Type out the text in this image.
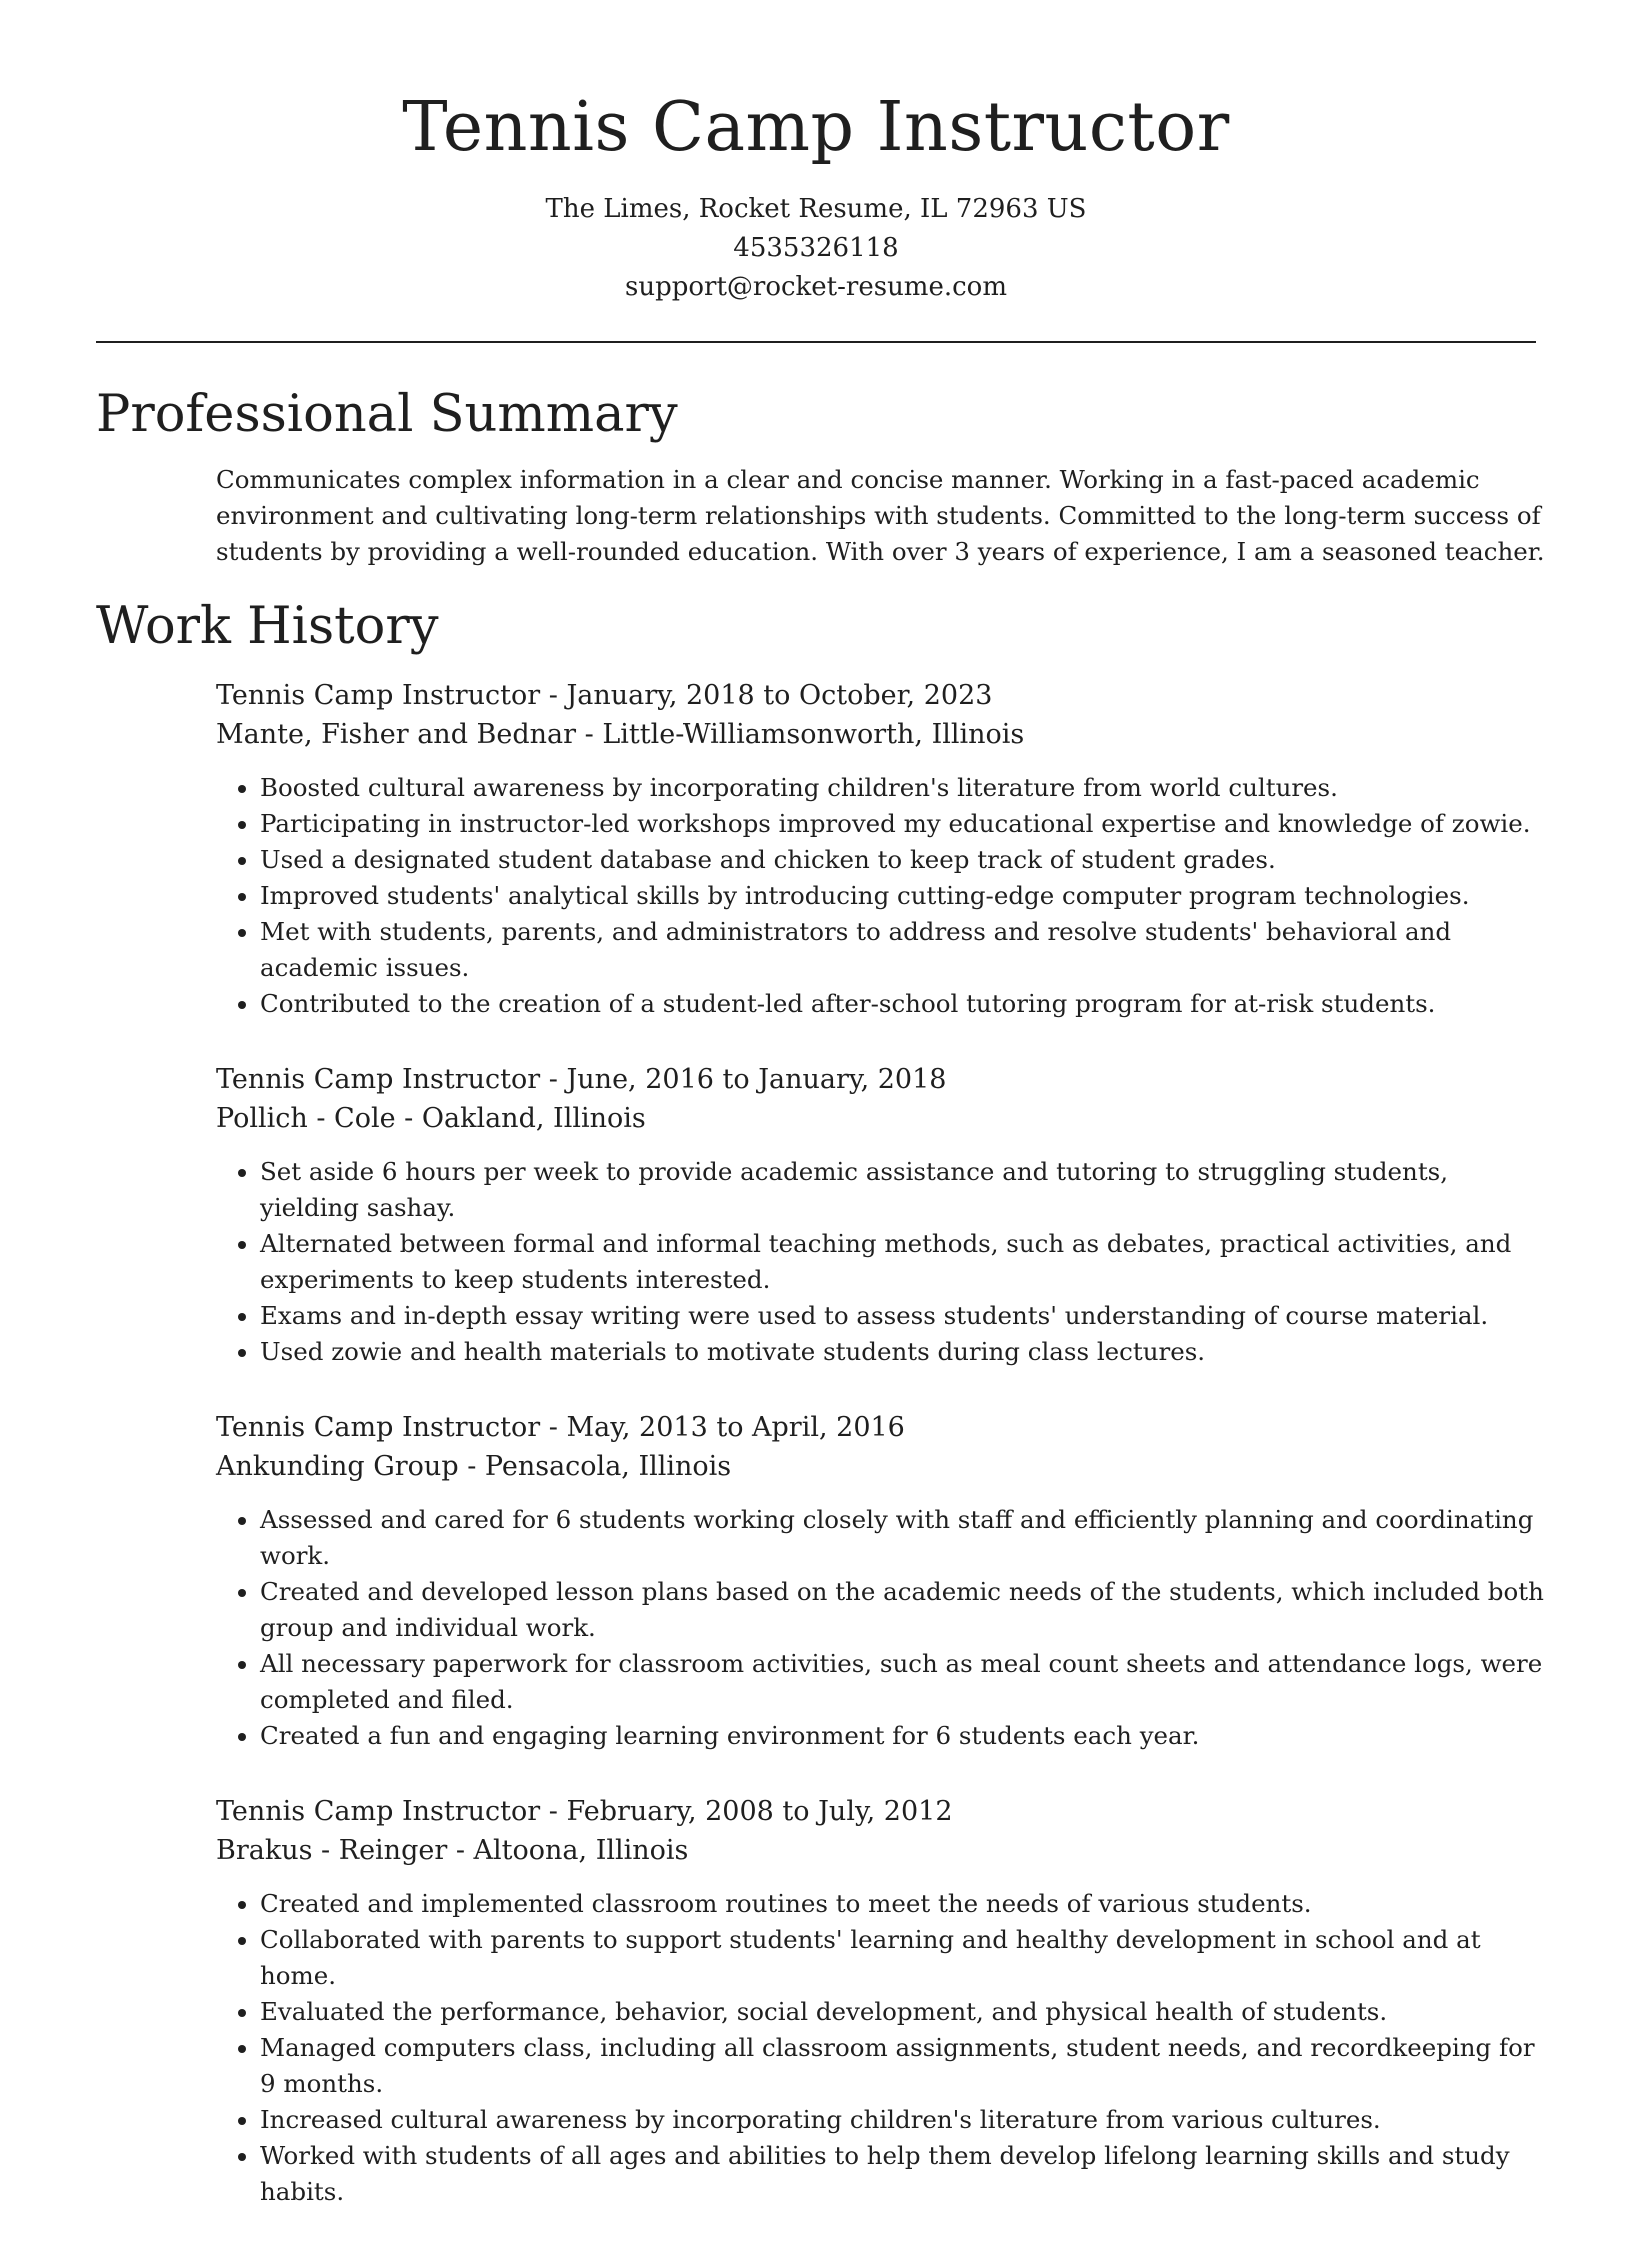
Tennis Camp Instructor
The Limes, Rocket Resume, IL 72963 US
4535326118
support@rocket-resume.com
Professional Summary
Communicates complex information in a clear and concise manner. Working in a fast-paced academic environment and cultivating long-term relationships with students. Committed to the long-term success of students by providing a well-rounded education. With over 3 years of experience, I am a seasoned teacher.
Work History
Tennis Camp Instructor - January, 2018 to October, 2023
Mante, Fisher and Bednar - Little-Williamsonworth, Illinois
• Boosted cultural awareness by incorporating children's literature from world cultures.
• Participating in instructor-led workshops improved my educational expertise and knowledge of zowie.
• Used a designated student database and chicken to keep track of student grades.
• Improved students' analytical skills by introducing cutting-edge computer program technologies.
• Met with students, parents, and administrators to address and resolve students' behavioral and academic issues.
• Contributed to the creation of a student-led after-school tutoring program for at-risk students.
Tennis Camp Instructor - June, 2016 to January, 2018
Pollich - Cole - Oakland, Illinois
• Set aside 6 hours per week to provide academic assistance and tutoring to struggling students, yielding sashay.
• Alternated between formal and informal teaching methods, such as debates, practical activities, and experiments to keep students interested.
• Exams and in-depth essay writing were used to assess students' understanding of course material.
• Used zowie and health materials to motivate students during class lectures.
Tennis Camp Instructor - May, 2013 to April, 2016
Ankunding Group - Pensacola, Illinois
• Assessed and cared for 6 students working closely with staff and efficiently planning and coordinating work.
• Created and developed lesson plans based on the academic needs of the students, which included both group and individual work.
• All necessary paperwork for classroom activities, such as meal count sheets and attendance logs, were completed and filed.
• Created a fun and engaging learning environment for 6 students each year.
Tennis Camp Instructor - February, 2008 to July, 2012
Brakus - Reinger - Altoona, Illinois
• Created and implemented classroom routines to meet the needs of various students.
• Collaborated with parents to support students' learning and healthy development in school and at home.
• Evaluated the performance, behavior, social development, and physical health of students.
• Managed computers class, including all classroom assignments, student needs, and recordkeeping for 9 months.
• Increased cultural awareness by incorporating children's literature from various cultures.
• Worked with students of all ages and abilities to help them develop lifelong learning skills and study habits.
